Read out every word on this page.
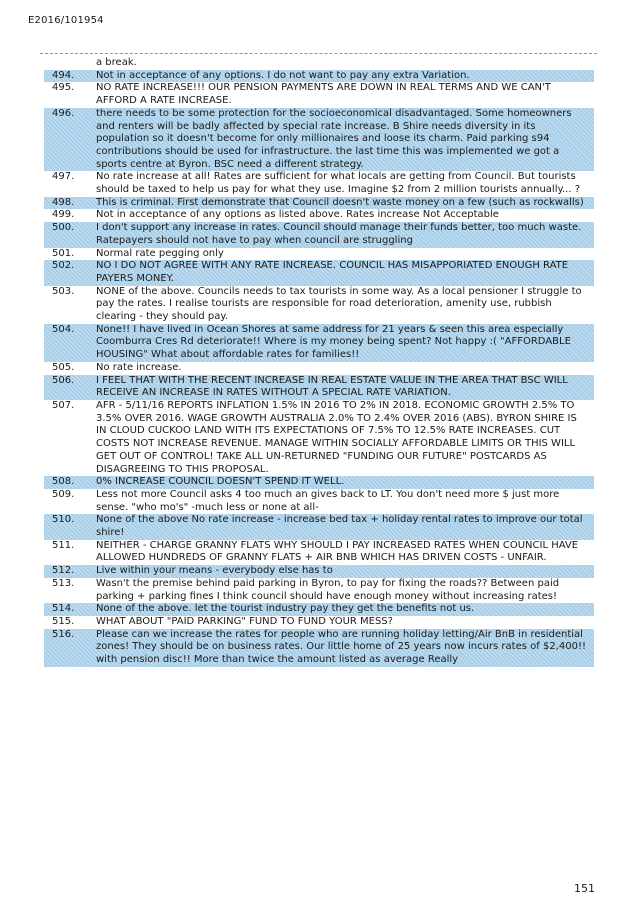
E2016/101954
a break.
494.	Not in acceptance of any options. I do not want to pay any extra Variation.
495.	NO RATE INCREASE!!! OUR PENSION PAYMENTS ARE DOWN IN REAL TERMS AND WE CAN'T AFFORD A RATE INCREASE.
496.	there needs to be some protection for the socioeconomical disadvantaged. Some homeowners and renters will be badly affected by special rate increase. B Shire needs diversity in its population so it doesn't become for only millionaires and loose its charm. Paid parking s94 contributions should be used for infrastructure. the last time this was implemented we got a sports centre at Byron. BSC need a different strategy.
497.	No rate increase at all! Rates are sufficient for what locals are getting from Council. But tourists should be taxed to help us pay for what they use. Imagine $2 from 2 million tourists annually... ?
498.	This is criminal. First demonstrate that Council doesn't waste money on a few (such as rockwalls)
499.	Not in acceptance of any options as listed above. Rates increase Not Acceptable
500.	I don't support any increase in rates. Council should manage their funds better, too much waste. Ratepayers should not have to pay when council are struggling
501.	Normal rate pegging only
502.	NO I DO NOT AGREE WITH ANY RATE INCREASE. COUNCIL HAS MISAPPORIATED ENOUGH RATE PAYERS MONEY.
503.	NONE of the above. Councils needs to tax tourists in some way. As a local pensioner I struggle to pay the rates. I realise tourists are responsible for road deterioration, amenity use, rubbish clearing - they should pay.
504.	None!! I have lived in Ocean Shores at same address for 21 years & seen this area especially Coomburra Cres Rd deteriorate!! Where is my money being spent? Not happy :( "AFFORDABLE HOUSING" What about affordable rates for families!!
505.	No rate increase.
506.	I FEEL THAT WITH THE RECENT INCREASE IN REAL ESTATE VALUE IN THE AREA THAT BSC WILL RECEIVE AN INCREASE IN RATES WITHOUT A SPECIAL RATE VARIATION.
507.	AFR - 5/11/16 REPORTS INFLATION 1.5% IN 2016 TO 2% IN 2018. ECONOMIC GROWTH 2.5% TO 3.5% OVER 2016. WAGE GROWTH AUSTRALIA 2.0% TO 2.4% OVER 2016 (ABS). BYRON SHIRE IS IN CLOUD CUCKOO LAND WITH ITS EXPECTATIONS OF 7.5% TO 12.5% RATE INCREASES. CUT COSTS NOT INCREASE REVENUE. MANAGE WITHIN SOCIALLY AFFORDABLE LIMITS OR THIS WILL GET OUT OF CONTROL! TAKE ALL UN-RETURNED "FUNDING OUR FUTURE" POSTCARDS AS DISAGREEING TO THIS PROPOSAL.
508.	0% INCREASE COUNCIL DOESN'T SPEND IT WELL.
509.	Less not more Council asks 4 too much an gives back to LT. You don't need more $ just more sense. "who mo's" -much less or none at all-
510.	None of the above No rate increase - increase bed tax + holiday rental rates to improve our total shire!
511.	NEITHER - CHARGE GRANNY FLATS WHY SHOULD I PAY INCREASED RATES WHEN COUNCIL HAVE ALLOWED HUNDREDS OF GRANNY FLATS + AIR BNB WHICH HAS DRIVEN COSTS - UNFAIR.
512.	Live within your means - everybody else has to
513.	Wasn't the premise behind paid parking in Byron, to pay for fixing the roads?? Between paid parking + parking fines I think council should have enough money without increasing rates!
514.	None of the above. let the tourist industry pay they get the benefits not us.
515.	WHAT ABOUT "PAID PARKING" FUND TO FUND YOUR MESS?
516.	Please can we increase the rates for people who are running holiday letting/Air BnB in residential zones! They should be on business rates. Our little home of 25 years now incurs rates of $2,400!! with pension disc!! More than twice the amount listed as average Really
151
